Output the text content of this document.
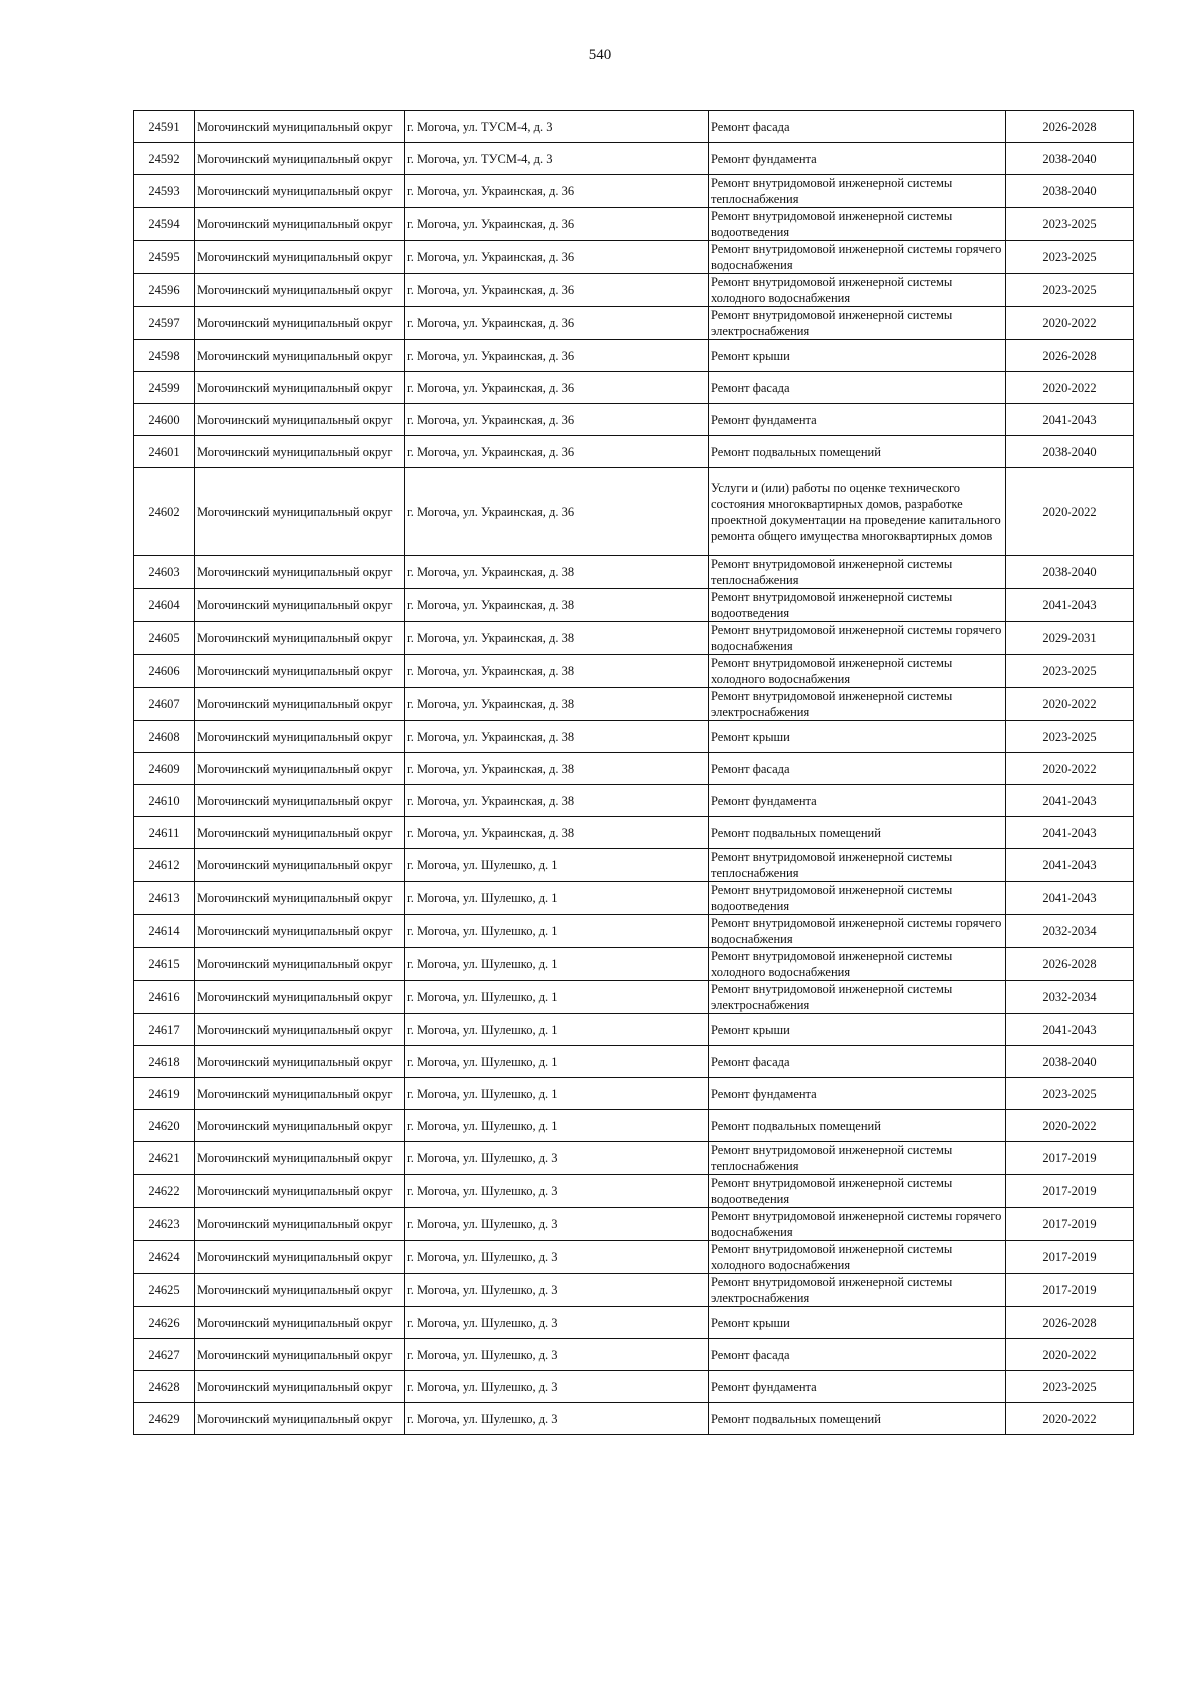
540
24591	Могочинский муниципальный округ	г. Могоча, ул. ТУСМ-4, д. 3	Ремонт фасада	2026-2028
24592	Могочинский муниципальный округ	г. Могоча, ул. ТУСМ-4, д. 3	Ремонт фундамента	2038-2040
24593	Могочинский муниципальный округ	г. Могоча, ул. Украинская, д. 36	Ремонт внутридомовой инженерной системы теплоснабжения	2038-2040
24594	Могочинский муниципальный округ	г. Могоча, ул. Украинская, д. 36	Ремонт внутридомовой инженерной системы водоотведения	2023-2025
24595	Могочинский муниципальный округ	г. Могоча, ул. Украинская, д. 36	Ремонт внутридомовой инженерной системы горячего водоснабжения	2023-2025
24596	Могочинский муниципальный округ	г. Могоча, ул. Украинская, д. 36	Ремонт внутридомовой инженерной системы холодного водоснабжения	2023-2025
24597	Могочинский муниципальный округ	г. Могоча, ул. Украинская, д. 36	Ремонт внутридомовой инженерной системы электроснабжения	2020-2022
24598	Могочинский муниципальный округ	г. Могоча, ул. Украинская, д. 36	Ремонт крыши	2026-2028
24599	Могочинский муниципальный округ	г. Могоча, ул. Украинская, д. 36	Ремонт фасада	2020-2022
24600	Могочинский муниципальный округ	г. Могоча, ул. Украинская, д. 36	Ремонт фундамента	2041-2043
24601	Могочинский муниципальный округ	г. Могоча, ул. Украинская, д. 36	Ремонт подвальных помещений	2038-2040
24602	Могочинский муниципальный округ	г. Могоча, ул. Украинская, д. 36	Услуги и (или) работы по оценке технического состояния многоквартирных домов, разработке проектной документации на проведение капитального ремонта общего имущества многоквартирных домов	2020-2022
24603	Могочинский муниципальный округ	г. Могоча, ул. Украинская, д. 38	Ремонт внутридомовой инженерной системы теплоснабжения	2038-2040
24604	Могочинский муниципальный округ	г. Могоча, ул. Украинская, д. 38	Ремонт внутридомовой инженерной системы водоотведения	2041-2043
24605	Могочинский муниципальный округ	г. Могоча, ул. Украинская, д. 38	Ремонт внутридомовой инженерной системы горячего водоснабжения	2029-2031
24606	Могочинский муниципальный округ	г. Могоча, ул. Украинская, д. 38	Ремонт внутридомовой инженерной системы холодного водоснабжения	2023-2025
24607	Могочинский муниципальный округ	г. Могоча, ул. Украинская, д. 38	Ремонт внутридомовой инженерной системы электроснабжения	2020-2022
24608	Могочинский муниципальный округ	г. Могоча, ул. Украинская, д. 38	Ремонт крыши	2023-2025
24609	Могочинский муниципальный округ	г. Могоча, ул. Украинская, д. 38	Ремонт фасада	2020-2022
24610	Могочинский муниципальный округ	г. Могоча, ул. Украинская, д. 38	Ремонт фундамента	2041-2043
24611	Могочинский муниципальный округ	г. Могоча, ул. Украинская, д. 38	Ремонт подвальных помещений	2041-2043
24612	Могочинский муниципальный округ	г. Могоча, ул. Шулешко, д. 1	Ремонт внутридомовой инженерной системы теплоснабжения	2041-2043
24613	Могочинский муниципальный округ	г. Могоча, ул. Шулешко, д. 1	Ремонт внутридомовой инженерной системы водоотведения	2041-2043
24614	Могочинский муниципальный округ	г. Могоча, ул. Шулешко, д. 1	Ремонт внутридомовой инженерной системы горячего водоснабжения	2032-2034
24615	Могочинский муниципальный округ	г. Могоча, ул. Шулешко, д. 1	Ремонт внутридомовой инженерной системы холодного водоснабжения	2026-2028
24616	Могочинский муниципальный округ	г. Могоча, ул. Шулешко, д. 1	Ремонт внутридомовой инженерной системы электроснабжения	2032-2034
24617	Могочинский муниципальный округ	г. Могоча, ул. Шулешко, д. 1	Ремонт крыши	2041-2043
24618	Могочинский муниципальный округ	г. Могоча, ул. Шулешко, д. 1	Ремонт фасада	2038-2040
24619	Могочинский муниципальный округ	г. Могоча, ул. Шулешко, д. 1	Ремонт фундамента	2023-2025
24620	Могочинский муниципальный округ	г. Могоча, ул. Шулешко, д. 1	Ремонт подвальных помещений	2020-2022
24621	Могочинский муниципальный округ	г. Могоча, ул. Шулешко, д. 3	Ремонт внутридомовой инженерной системы теплоснабжения	2017-2019
24622	Могочинский муниципальный округ	г. Могоча, ул. Шулешко, д. 3	Ремонт внутридомовой инженерной системы водоотведения	2017-2019
24623	Могочинский муниципальный округ	г. Могоча, ул. Шулешко, д. 3	Ремонт внутридомовой инженерной системы горячего водоснабжения	2017-2019
24624	Могочинский муниципальный округ	г. Могоча, ул. Шулешко, д. 3	Ремонт внутридомовой инженерной системы холодного водоснабжения	2017-2019
24625	Могочинский муниципальный округ	г. Могоча, ул. Шулешко, д. 3	Ремонт внутридомовой инженерной системы электроснабжения	2017-2019
24626	Могочинский муниципальный округ	г. Могоча, ул. Шулешко, д. 3	Ремонт крыши	2026-2028
24627	Могочинский муниципальный округ	г. Могоча, ул. Шулешко, д. 3	Ремонт фасада	2020-2022
24628	Могочинский муниципальный округ	г. Могоча, ул. Шулешко, д. 3	Ремонт фундамента	2023-2025
24629	Могочинский муниципальный округ	г. Могоча, ул. Шулешко, д. 3	Ремонт подвальных помещений	2020-2022
